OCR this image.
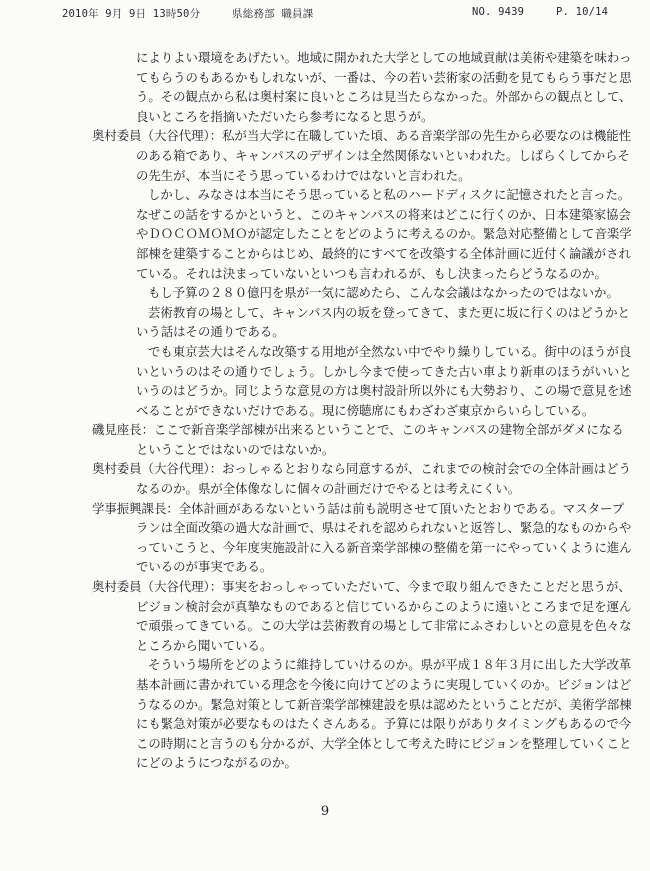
2010年 9月 9日 13時50分	県総務部 職員課	NO. 9439	P. 10/14

によりよい環境をあげたい。地域に開かれた大学としての地域貢献は美術や建築を味わってもらうのもあるかもしれないが、一番は、今の若い芸術家の活動を見てもらう事だと思う。その観点から私は奥村案に良いところは見当たらなかった。外部からの観点として、良いところを指摘いただいたら参考になると思うが。

奥村委員（大谷代理）：私が当大学に在職していた頃、ある音楽学部の先生から必要なのは機能性のある箱であり、キャンパスのデザインは全然関係ないといわれた。しばらくしてからその先生が、本当にそう思っているわけではないと言われた。

しかし、みなさは本当にそう思っていると私のハードディスクに記憶されたと言った。なぜこの話をするかというと、このキャンパスの将来はどこに行くのか、日本建築家協会やＤＯＣＯＭＯＭＯが認定したことをどのように考えるのか。緊急対応整備として音楽学部棟を建築することからはじめ、最終的にすべてを改築する全体計画に近付く論議がされている。それは決まっていないといつも言われるが、もし決まったらどうなるのか。

もし予算の２８０億円を県が一気に認めたら、こんな会議はなかったのではないか。

芸術教育の場として、キャンパス内の坂を登ってきて、また更に坂に行くのはどうかという話はその通りである。

でも東京芸大はそんな改築する用地が全然ない中でやり繰りしている。街中のほうが良いというのはその通りでしょう。しかし今まで使ってきた古い車より新車のほうがいいというのはどうか。同じような意見の方は奥村設計所以外にも大勢おり、この場で意見を述べることができないだけである。現に傍聴席にもわざわざ東京からいらしている。

磯見座長：ここで新音楽学部棟が出来るということで、このキャンパスの建物全部がダメになるということではないのではないか。

奥村委員（大谷代理）：おっしゃるとおりなら同意するが、これまでの検討会での全体計画はどうなるのか。県が全体像なしに個々の計画だけでやるとは考えにくい。

学事振興課長：全体計画があるないという話は前も説明させて頂いたとおりである。マスタープランは全面改築の過大な計画で、県はそれを認められないと返答し、緊急的なものからやっていこうと、今年度実施設計に入る新音楽学部棟の整備を第一にやっていくように進んでいるのが事実である。

奥村委員（大谷代理）：事実をおっしゃっていただいて、今まで取り組んできたことだと思うが、ビジョン検討会が真摯なものであると信じているからこのように遠いところまで足を運んで頑張ってきている。この大学は芸術教育の場として非常にふさわしいとの意見を色々なところから聞いている。

そういう場所をどのように維持していけるのか。県が平成１８年３月に出した大学改革基本計画に書かれている理念を今後に向けてどのように実現していくのか。ビジョンはどうなるのか。緊急対策として新音楽学部棟建設を県は認めたということだが、美術学部棟にも緊急対策が必要なものはたくさんある。予算には限りがありタイミングもあるので今この時期にと言うのも分かるが、大学全体として考えた時にビジョンを整理していくことにどのようにつながるのか。

9
